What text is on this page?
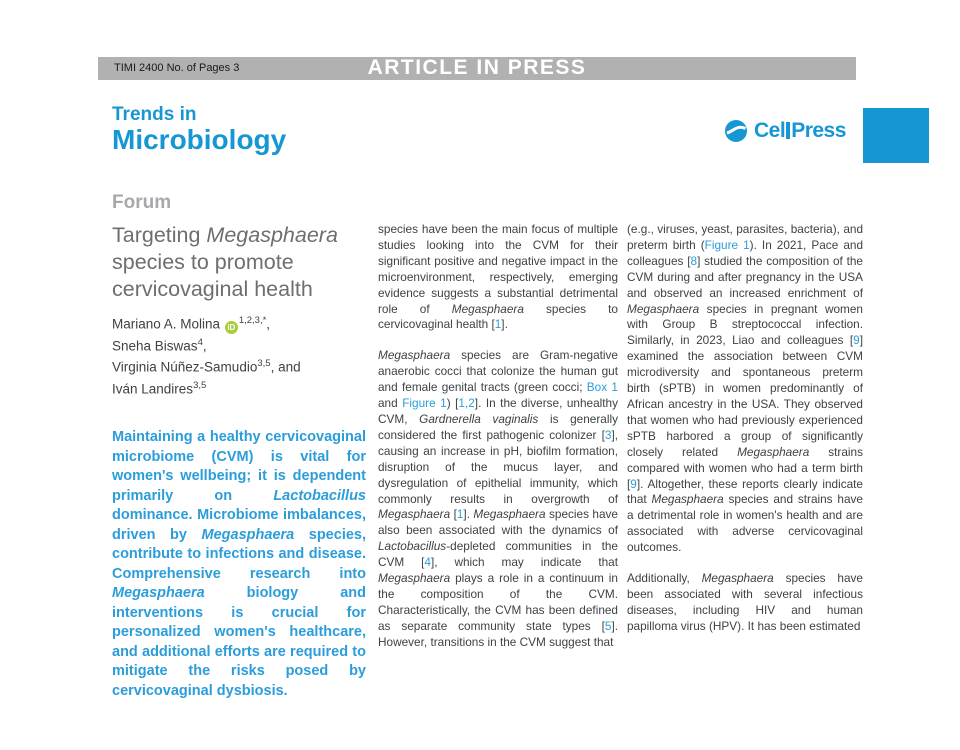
TIMI 2400 No. of Pages 3	ARTICLE IN PRESS
Trends in
Microbiology	Cel Press
Forum
Targeting Megasphaera species to promote cervicovaginal health
Mariano A. Molina $iD^{1,2,3,*}$,
Sneha Biswas$^4$,
Virginia Núñez-Samudio$^{3,5}$, and
Iván Landires$^{3,5}$
Maintaining a healthy cervicovaginal microbiome (CVM) is vital for women's wellbeing; it is dependent primarily on Lactobacillus dominance. Microbiome imbalances, driven by Megasphaera species, contribute to infections and disease. Comprehensive research into Megasphaera biology and interventions is crucial for personalized women's healthcare, and additional efforts are required to mitigate the risks posed by cervicovaginal dysbiosis.

species have been the main focus of multiple studies looking into the CVM for their significant positive and negative impact in the microenvironment, respectively, emerging evidence suggests a substantial detrimental role of Megasphaera species to cervicovaginal health [1].

Megasphaera species are Gram-negative anaerobic cocci that colonize the human gut and female genital tracts (green cocci; Box 1 and Figure 1) [1,2]. In the diverse, unhealthy CVM, Gardnerella vaginalis is generally considered the first pathogenic colonizer [3], causing an increase in pH, biofilm formation, disruption of the mucus layer, and dysregulation of epithelial immunity, which commonly results in overgrowth of Megasphaera [1]. Megasphaera species have also been associated with the dynamics of Lactobacillus-depleted communities in the CVM [4], which may indicate that Megasphaera plays a role in a continuum in the composition of the CVM. Characteristically, the CVM has been defined as separate community state types [5]. However, transitions in the CVM suggest that

(e.g., viruses, yeast, parasites, bacteria), and preterm birth (Figure 1). In 2021, Pace and colleagues [8] studied the composition of the CVM during and after pregnancy in the USA and observed an increased enrichment of Megasphaera species in pregnant women with Group B streptococcal infection. Similarly, in 2023, Liao and colleagues [9] examined the association between CVM microdiversity and spontaneous preterm birth (sPTB) in women predominantly of African ancestry in the USA. They observed that women who had previously experienced sPTB harbored a group of significantly closely related Megasphaera strains compared with women who had a term birth [9]. Altogether, these reports clearly indicate that Megasphaera species and strains have a detrimental role in women's health and are associated with adverse cervicovaginal outcomes.

Additionally, Megasphaera species have been associated with several infectious diseases, including HIV and human papilloma virus (HPV). It has been estimated
